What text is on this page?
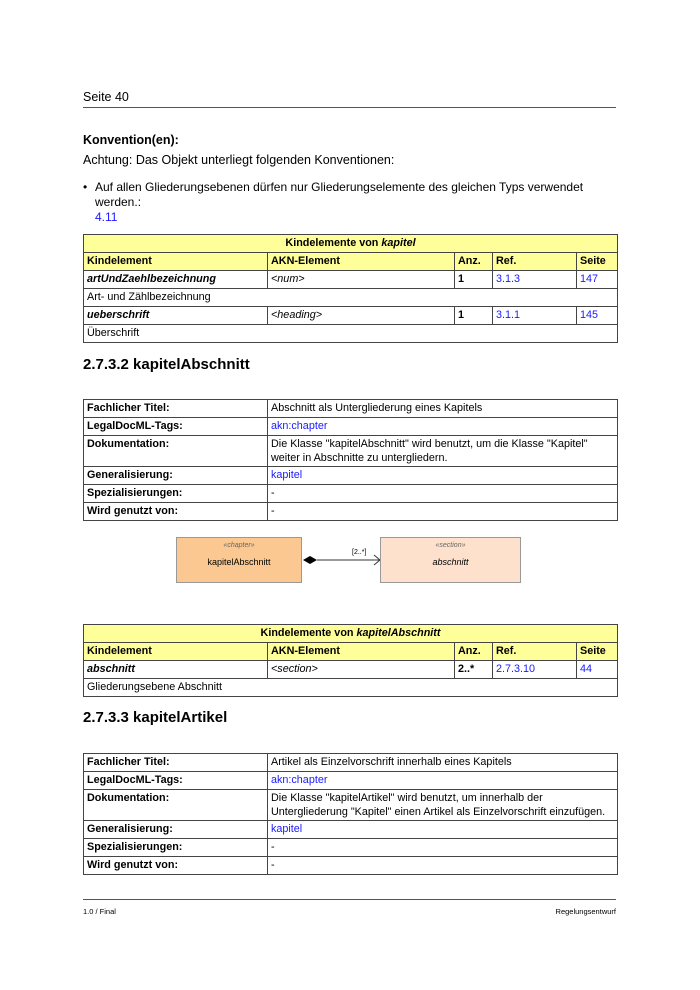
Seite 40
Konvention(en):
Achtung: Das Objekt unterliegt folgenden Konventionen:
• Auf allen Gliederungsebenen dürfen nur Gliederungselemente des gleichen Typs verwendet werden.:
4.11
Kindelemente von kapitel				
Kindelement	AKN-Element	Anz.	Ref.	Seite
artUndZaehlbezeichnung	<num>	1	3.1.3	147
Art- und Zählbezeichnung				
ueberschrift	<heading>	1	3.1.1	145
Überschrift				
2.7.3.2 kapitelAbschnitt
Fachlicher Titel:	Abschnitt als Untergliederung eines Kapitels
LegalDocML-Tags:	akn:chapter
Dokumentation:	Die Klasse "kapitelAbschnitt" wird benutzt, um die Klasse "Kapitel" weiter in Abschnitte zu untergliedern.
Generalisierung:	kapitel
Spezialisierungen:	-
Wird genutzt von:	-
«chapter»
kapitelAbschnitt
[2..*]
«section»
abschnitt
Kindelemente von kapitelAbschnitt				
Kindelement	AKN-Element	Anz.	Ref.	Seite
abschnitt	<section>	2..*	2.7.3.10	44
Gliederungsebene Abschnitt				
2.7.3.3 kapitelArtikel
Fachlicher Titel:	Artikel als Einzelvorschrift innerhalb eines Kapitels
LegalDocML-Tags:	akn:chapter
Dokumentation:	Die Klasse "kapitelArtikel" wird benutzt, um innerhalb der Untergliederung "Kapitel" einen Artikel als Einzelvorschrift einzufügen.
Generalisierung:	kapitel
Spezialisierungen:	-
Wird genutzt von:	-
1.0 / Final	Regelungsentwurf
